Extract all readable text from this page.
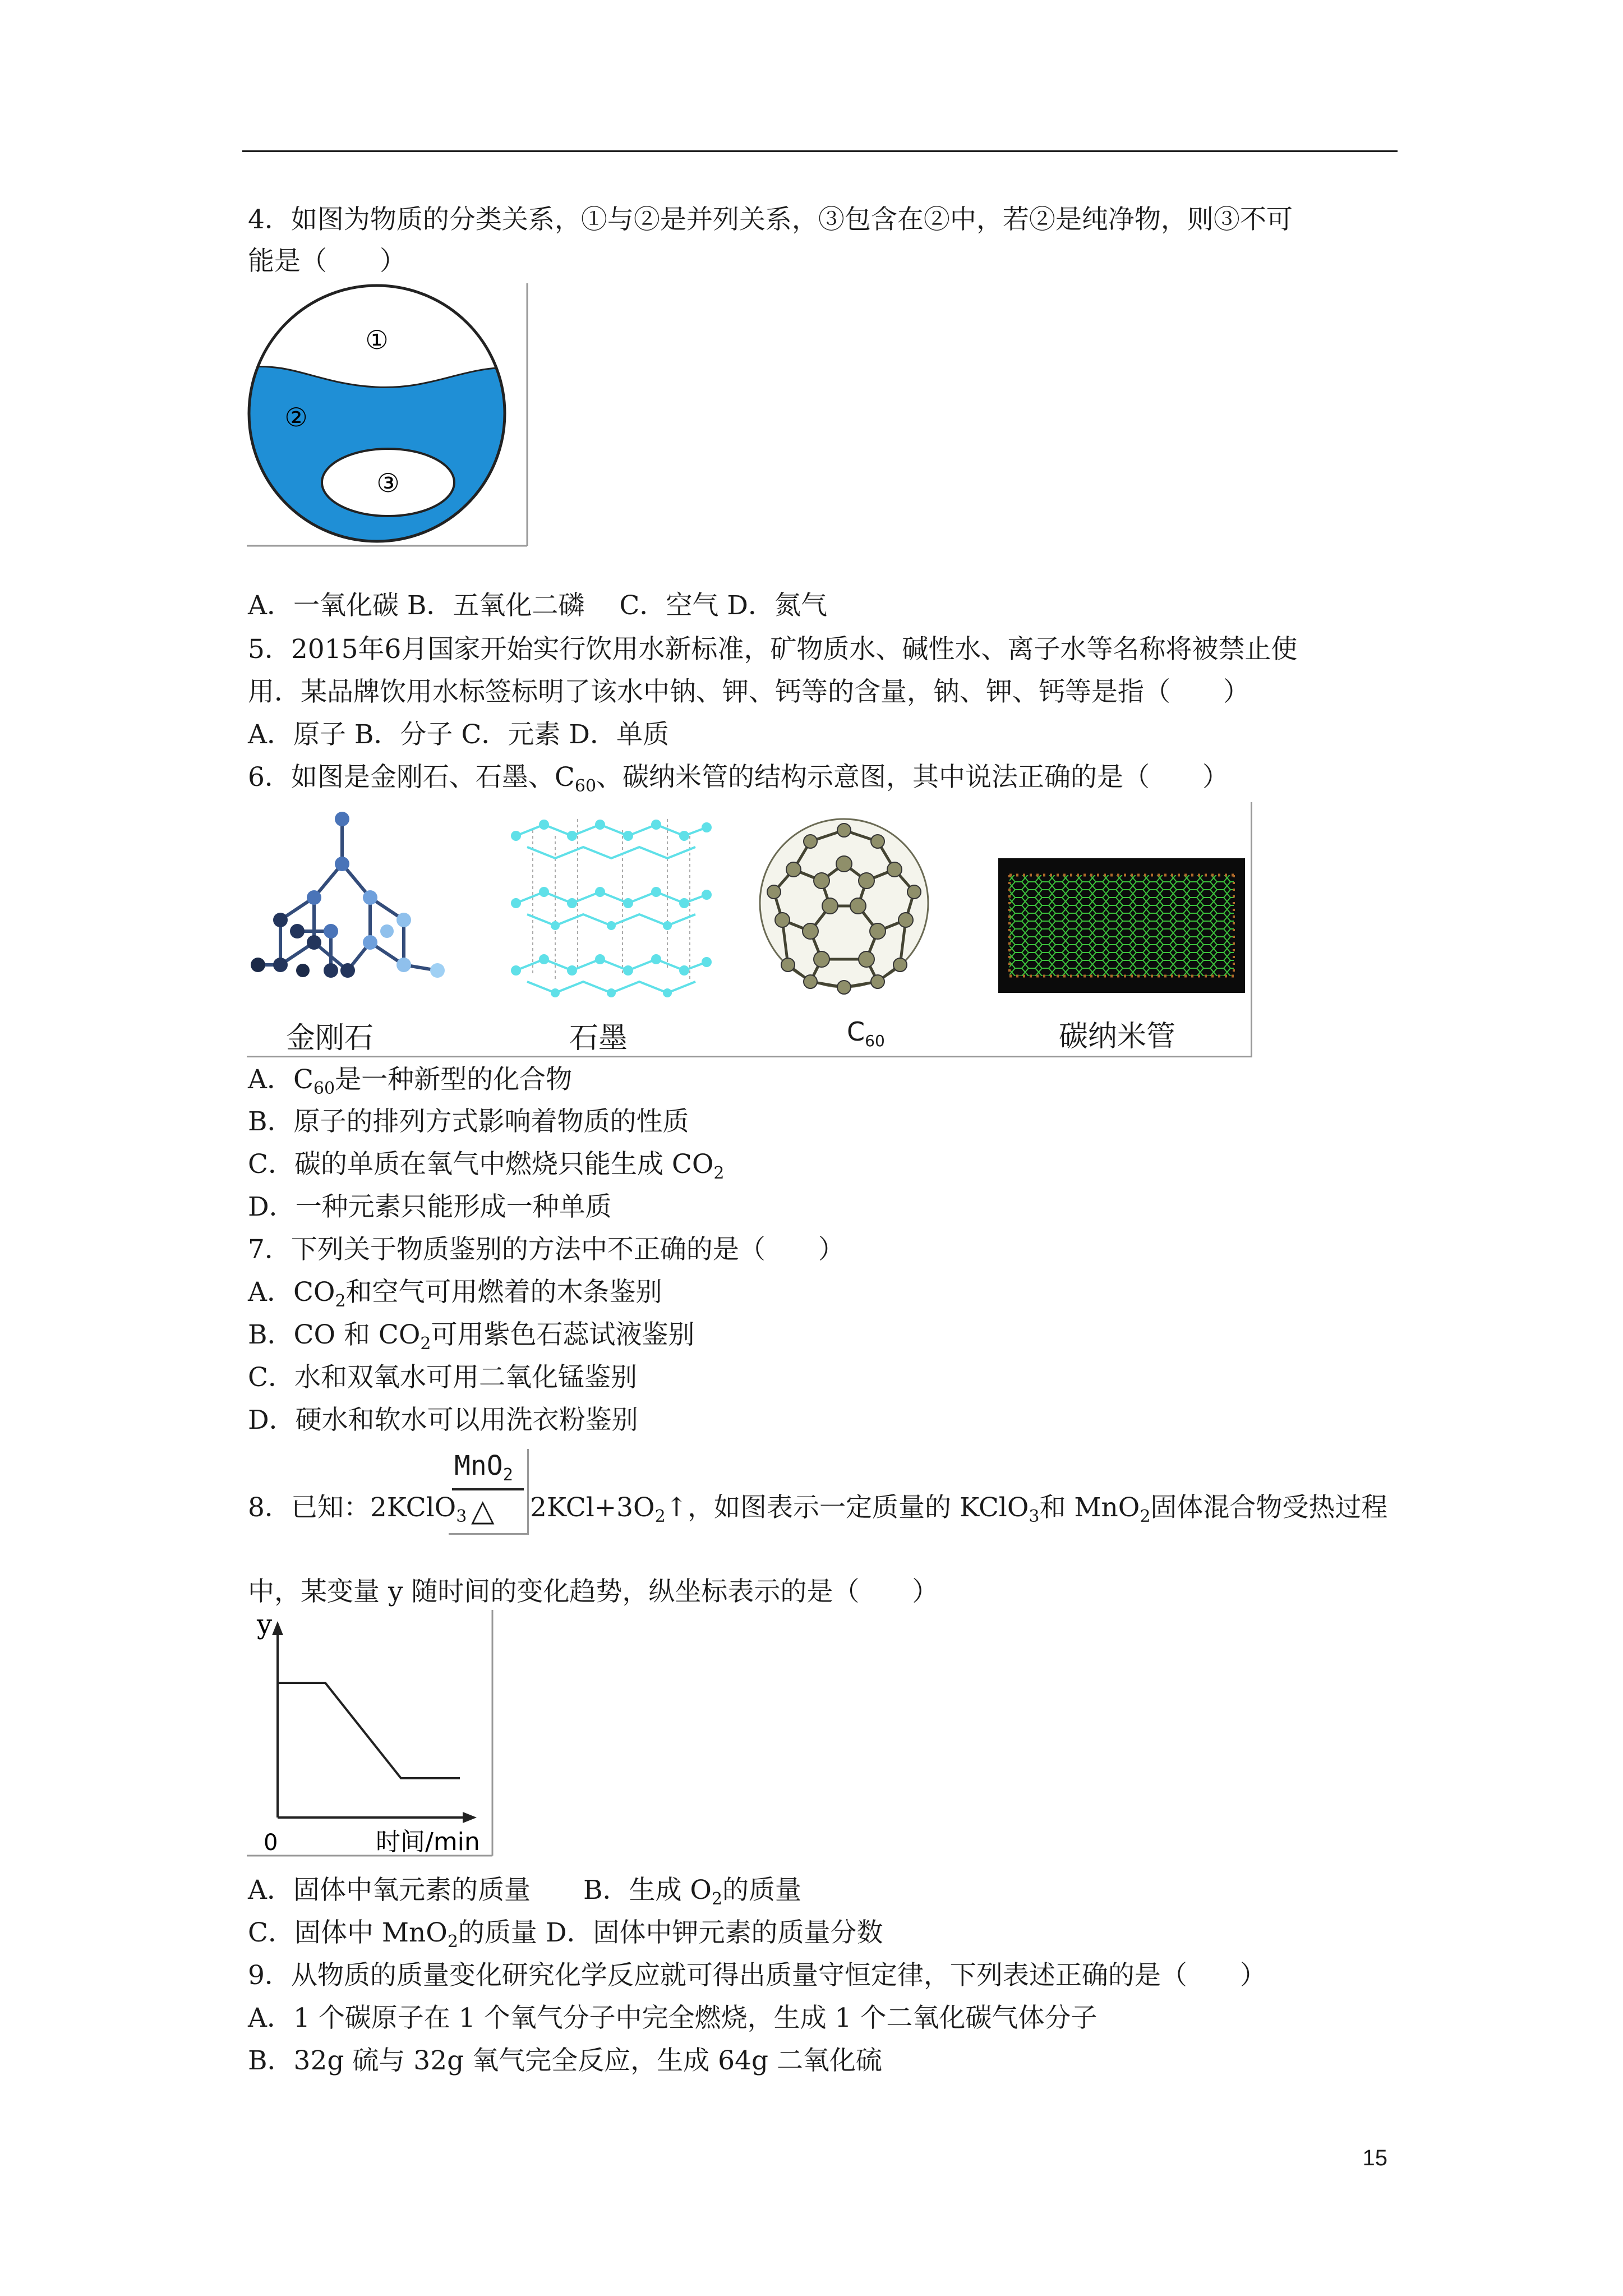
4．如图为物质的分类关系，①与②是并列关系，③包含在②中，若②是纯净物，则③不可
能是（　　）
①
②
③
A．一氧化碳 B．五氧化二磷　 C．空气 D．氮气
5．2015年6月国家开始实行饮用水新标准，矿物质水、碱性水、离子水等名称将被禁止使
用．某品牌饮用水标签标明了该水中钠、钾、钙等的含量，钠、钾、钙等是指（　　）
A．原子 B．分子 C．元素 D．单质
6．如图是金刚石、石墨、$C_{60}$、碳纳米管的结构示意图，其中说法正确的是（　　）
金刚石	石墨	$C_{60}$	碳纳米管
A．$C_{60}$是一种新型的化合物
B．原子的排列方式影响着物质的性质
C．碳的单质在氧气中燃烧只能生成 $CO_2$
D．一种元素只能形成一种单质
7．下列关于物质鉴别的方法中不正确的是（　　）
A．$CO_2$和空气可用燃着的木条鉴别
B．CO 和 $CO_2$可用紫色石蕊试液鉴别
C．水和双氧水可用二氧化锰鉴别
D．硬水和软水可以用洗衣粉鉴别
8．已知：2KClO$_3$
MnO$_2$
△ $2KCl+3O_2↑$，如图表示一定质量的 KClO$_3$和 MnO$_2$固体混合物受热过程
中，某变量 y 随时间的变化趋势，纵坐标表示的是（　　）
y
0	时间/min
A．固体中氧元素的质量　　B．生成 $O_2$的质量
C．固体中 MnO$_2$的质量 D．固体中钾元素的质量分数
9．从物质的质量变化研究化学反应就可得出质量守恒定律，下列表述正确的是（　　）
A．1 个碳原子在 1 个氧气分子中完全燃烧，生成 1 个二氧化碳气体分子
B．32g 硫与 32g 氧气完全反应，生成 64g 二氧化硫
15
